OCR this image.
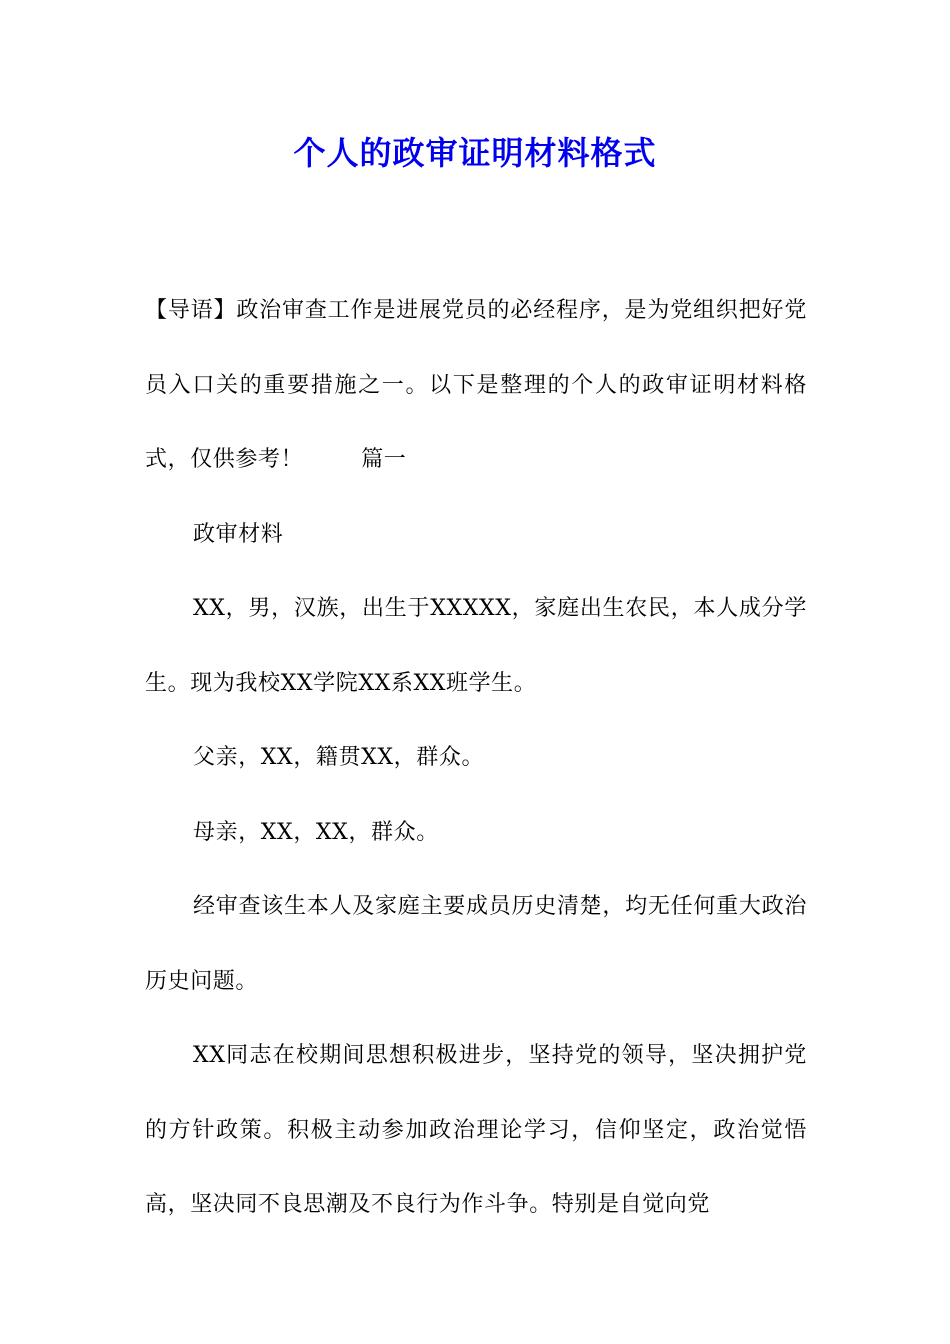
个人的政审证明材料格式

【导语】政治审查工作是进展党员的必经程序，是为党组织把好党员入口关的重要措施之一。以下是整理的个人的政审证明材料格式，仅供参考！	篇一

政审材料

XX，男，汉族，出生于XXXXX，家庭出生农民，本人成分学生。现为我校XX学院XX系XX班学生。

父亲，XX，籍贯XX，群众。

母亲，XX，XX，群众。

经审查该生本人及家庭主要成员历史清楚，均无任何重大政治历史问题。

XX同志在校期间思想积极进步，坚持党的领导，坚决拥护党的方针政策。积极主动参加政治理论学习，信仰坚定，政治觉悟高，坚决同不良思潮及不良行为作斗争。特别是自觉向党
